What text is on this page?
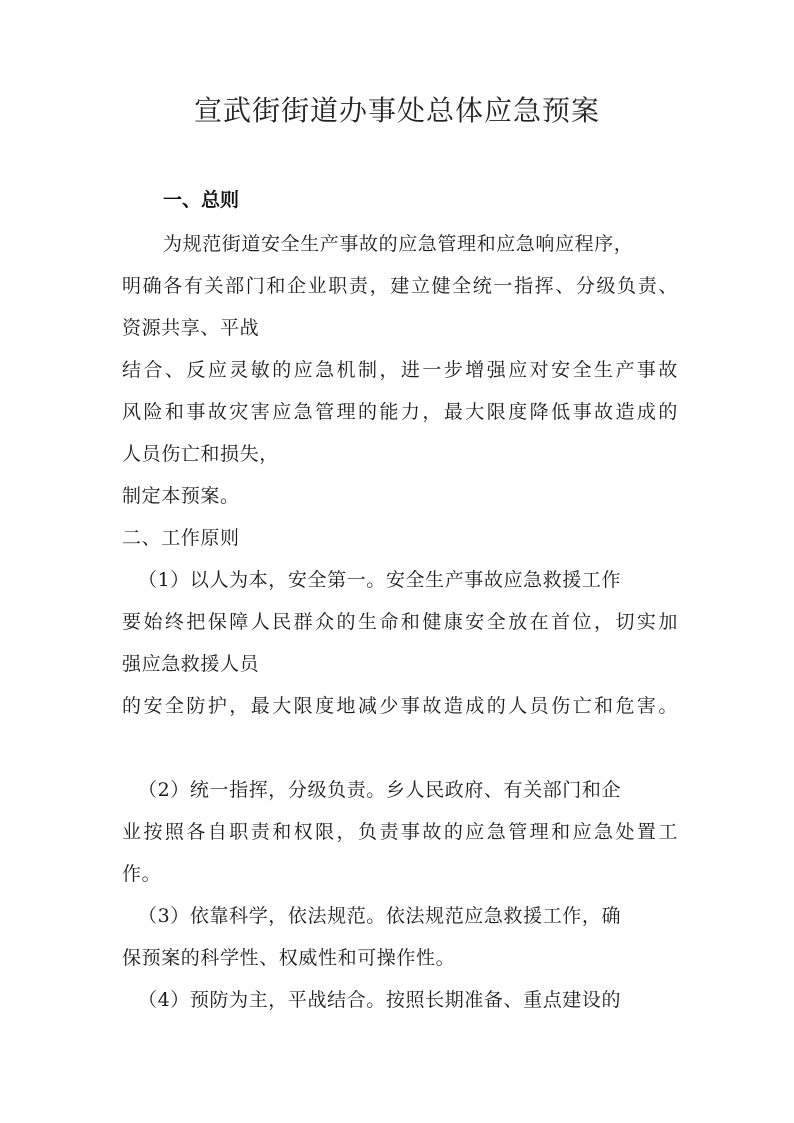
宣武街街道办事处总体应急预案
一、总则
为规范街道安全生产事故的应急管理和应急响应程序，
明确各有关部门和企业职责，建立健全统一指挥、分级负责、
资源共享、平战
结合、反应灵敏的应急机制，进一步增强应对安全生产事故
风险和事故灾害应急管理的能力，最大限度降低事故造成的
人员伤亡和损失，
制定本预案。
二、工作原则
（1）以人为本，安全第一。安全生产事故应急救援工作
要始终把保障人民群众的生命和健康安全放在首位，切实加
强应急救援人员
的安全防护，最大限度地减少事故造成的人员伤亡和危害。
（2）统一指挥，分级负责。乡人民政府、有关部门和企
业按照各自职责和权限，负责事故的应急管理和应急处置工
作。
（3）依靠科学，依法规范。依法规范应急救援工作，确
保预案的科学性、权威性和可操作性。
（4）预防为主，平战结合。按照长期准备、重点建设的
